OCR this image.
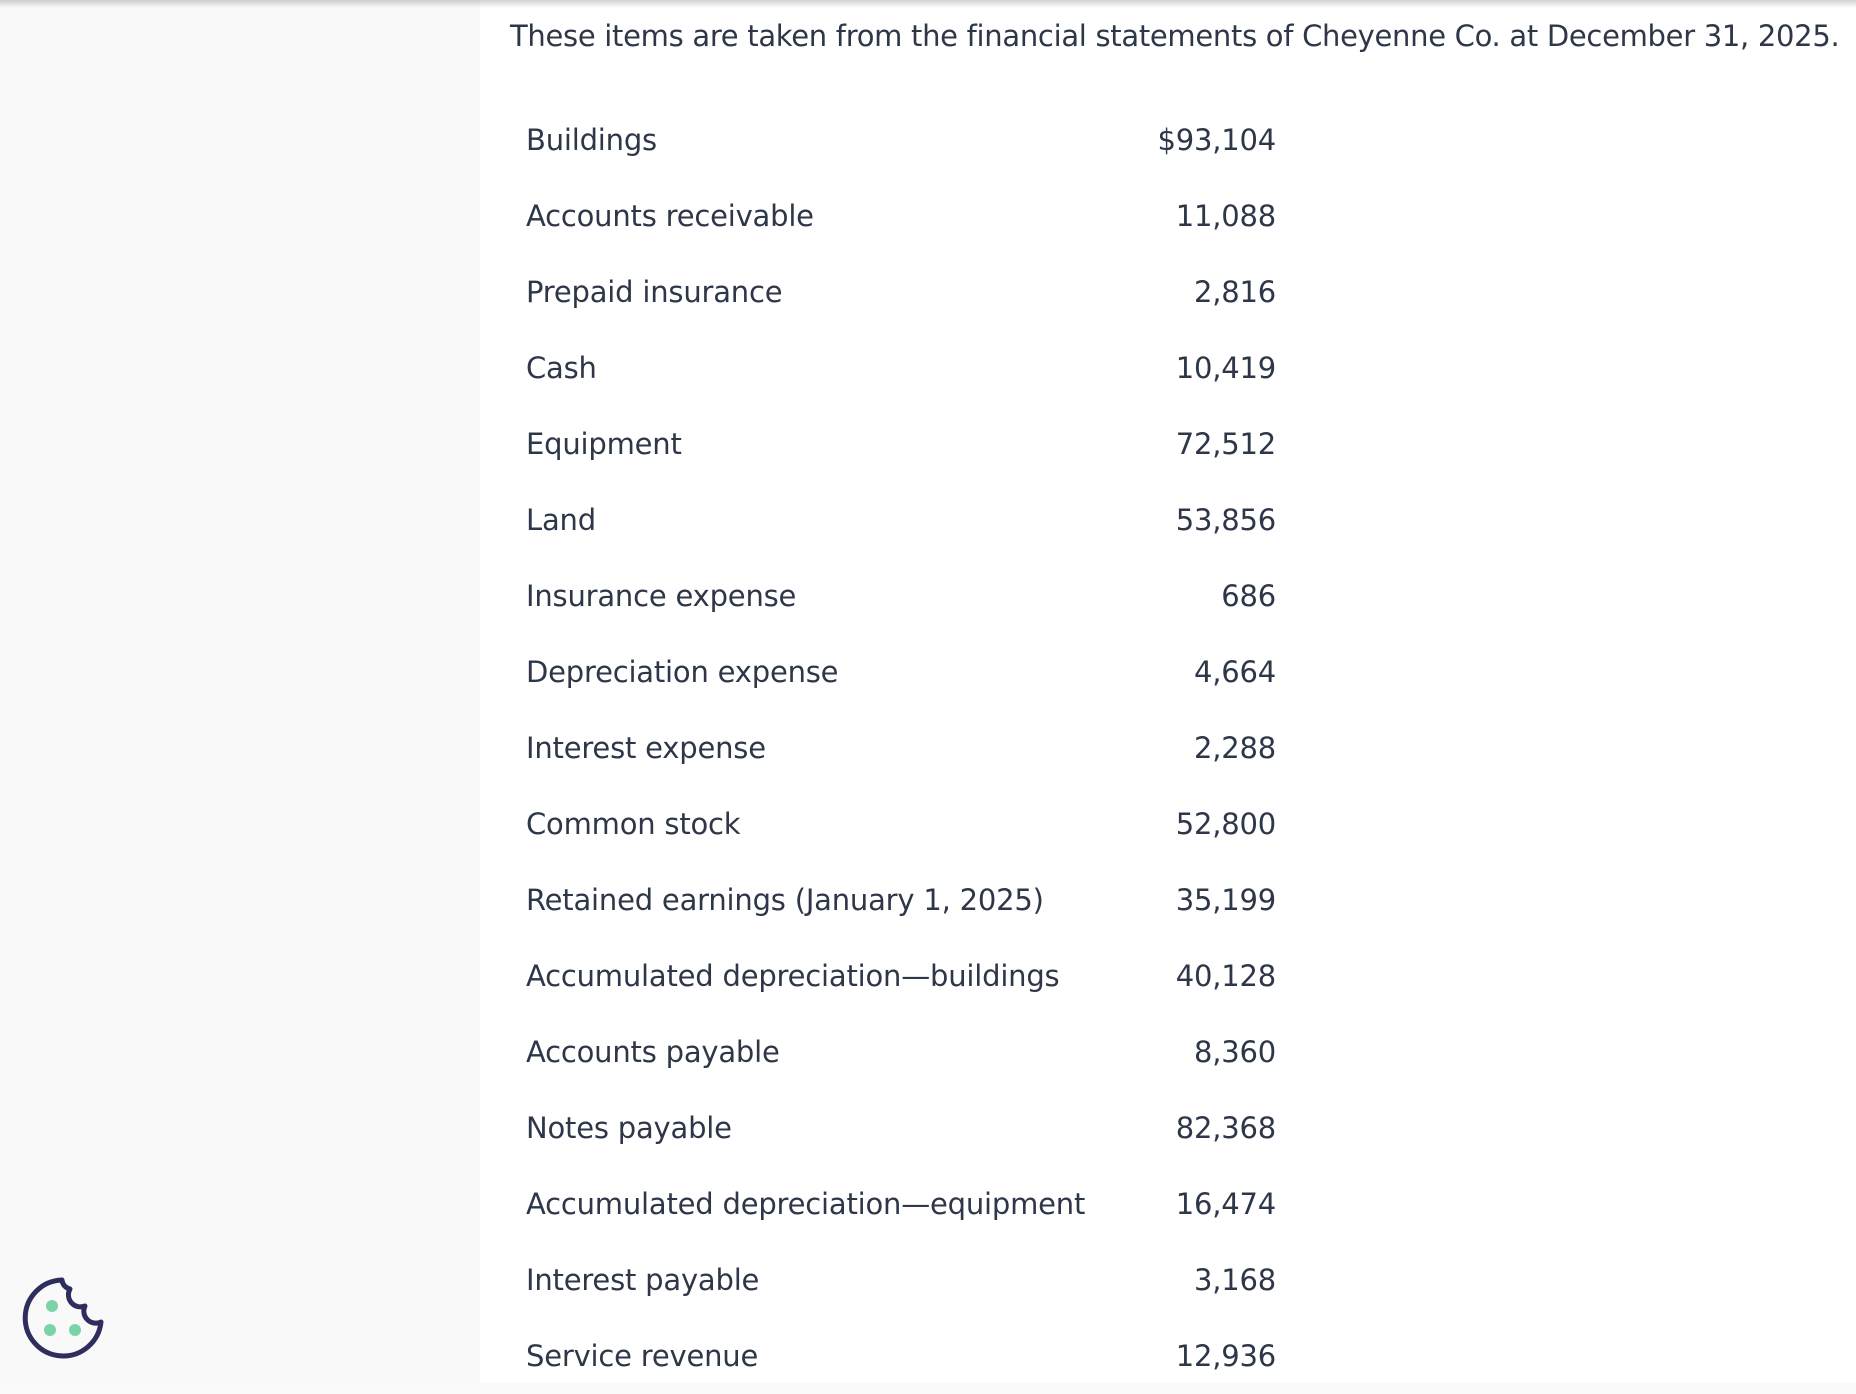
These items are taken from the financial statements of Cheyenne Co. at December 31, 2025.

Buildings	$93,104
Accounts receivable	11,088
Prepaid insurance	2,816
Cash	10,419
Equipment	72,512
Land	53,856
Insurance expense	686
Depreciation expense	4,664
Interest expense	2,288
Common stock	52,800
Retained earnings (January 1, 2025)	35,199
Accumulated depreciation—buildings	40,128
Accounts payable	8,360
Notes payable	82,368
Accumulated depreciation—equipment	16,474
Interest payable	3,168
Service revenue	12,936
